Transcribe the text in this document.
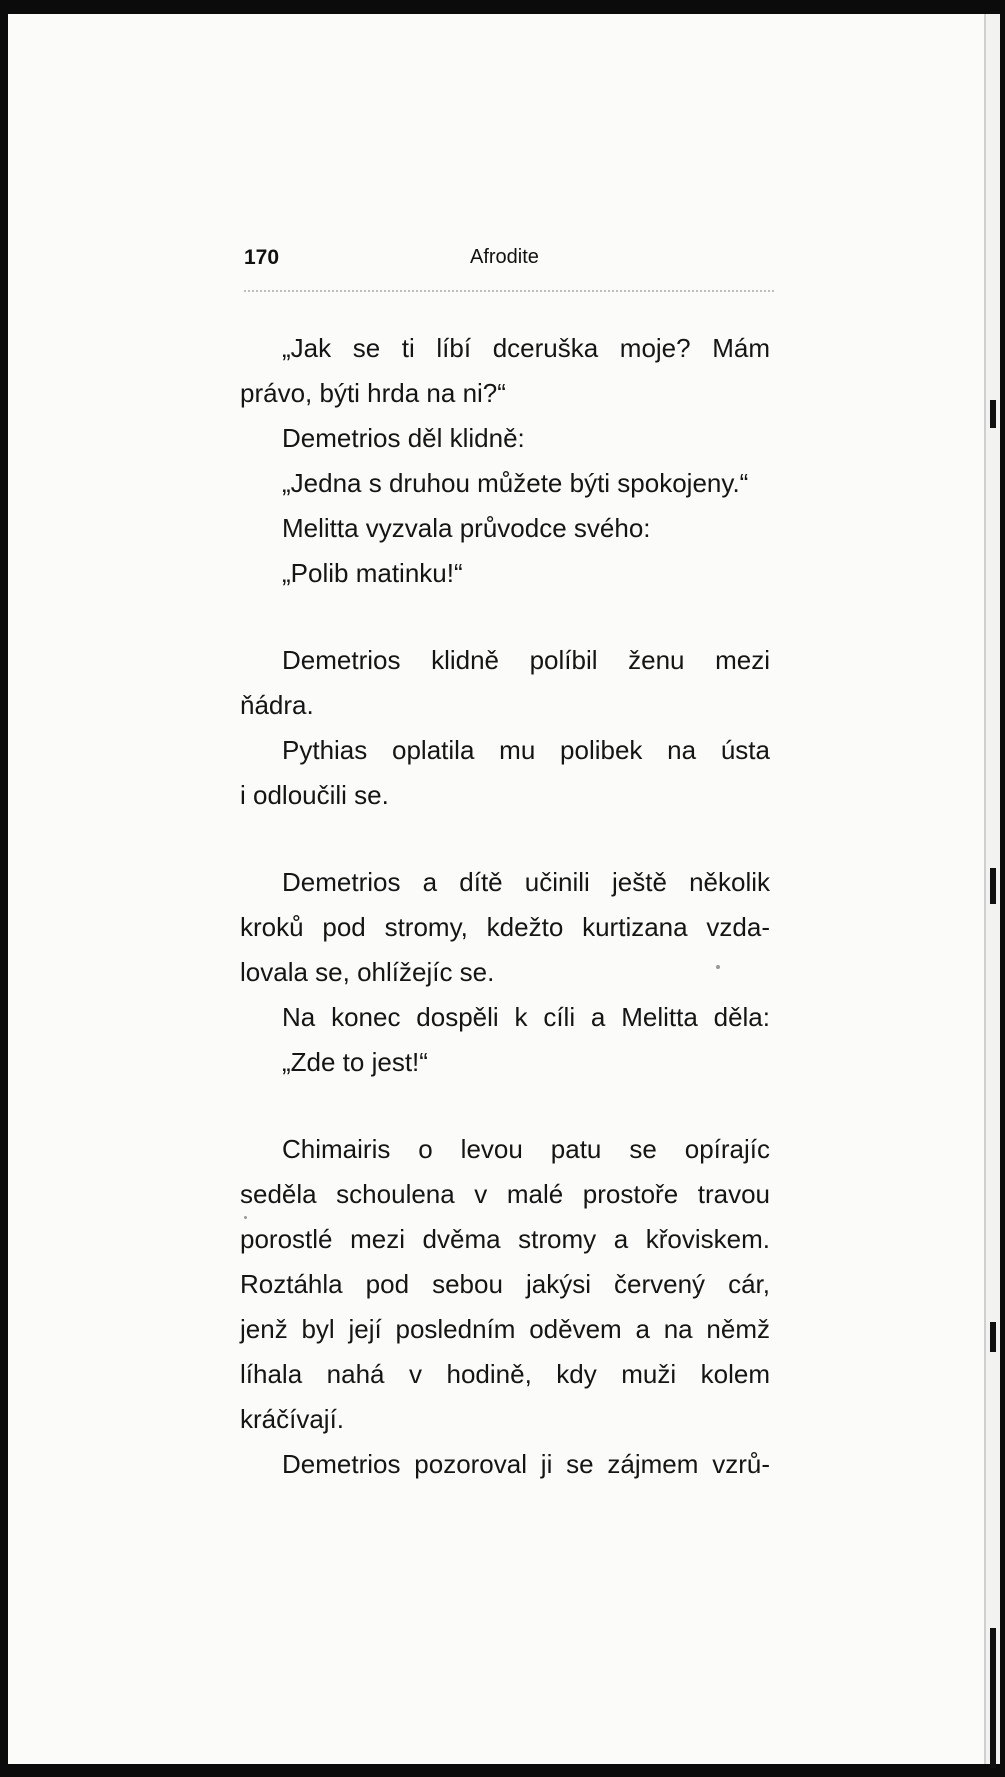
170	Afrodite
„Jak se ti líbí dceruška moje? Mám
právo, býti hrda na ni?“
Demetrios děl klidně:
„Jedna s druhou můžete býti spokojeny.“
Melitta vyzvala průvodce svého:
„Polib matinku!“
Demetrios klidně políbil ženu mezi
ňádra.
Pythias oplatila mu polibek na ústa
i odloučili se.
Demetrios a dítě učinili ještě několik
kroků pod stromy, kdežto kurtizana vzda-
lovala se, ohlížejíc se.
Na konec dospěli k cíli a Melitta děla:
„Zde to jest!“
Chimairis o levou patu se opírajíc
seděla schoulena v malé prostoře travou
porostlé mezi dvěma stromy a křoviskem.
Roztáhla pod sebou jakýsi červený cár,
jenž byl její posledním oděvem a na němž
líhala nahá v hodině, kdy muži kolem
kráčívají.
Demetrios pozoroval ji se zájmem vzrů-
